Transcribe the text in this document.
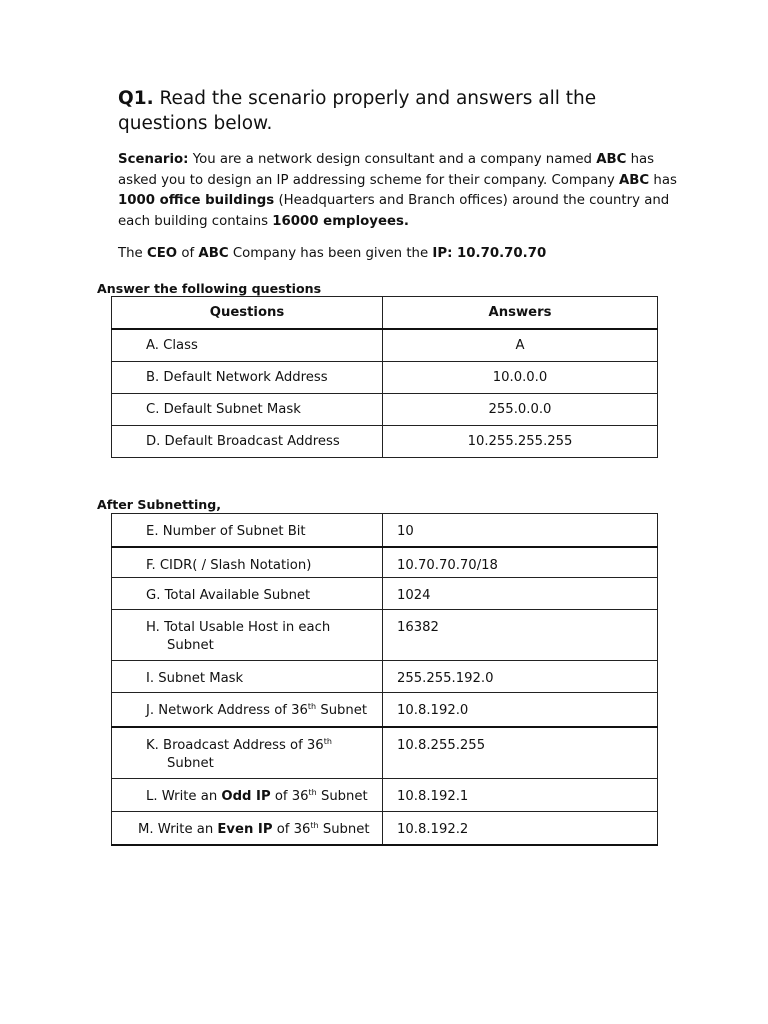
Q1. Read the scenario properly and answers all the questions below.
Scenario: You are a network design consultant and a company named ABC has asked you to design an IP addressing scheme for their company. Company ABC has 1000 office buildings (Headquarters and Branch offices) around the country and each building contains 16000 employees.
The CEO of ABC Company has been given the IP: 10.70.70.70
Answer the following questions
Questions	Answers
A. Class	A
B. Default Network Address	10.0.0.0
C. Default Subnet Mask	255.0.0.0
D. Default Broadcast Address	10.255.255.255
After Subnetting,
E. Number of Subnet Bit	10
F. CIDR( / Slash Notation)	10.70.70.70/18
G. Total Available Subnet	1024
H. Total Usable Host in each
Subnet	16382
I. Subnet Mask	255.255.192.0
J. Network Address of 36th Subnet	10.8.192.0
K. Broadcast Address of 36th
Subnet	10.8.255.255
L. Write an Odd IP of 36th Subnet	10.8.192.1
M. Write an Even IP of 36th Subnet	10.8.192.2
